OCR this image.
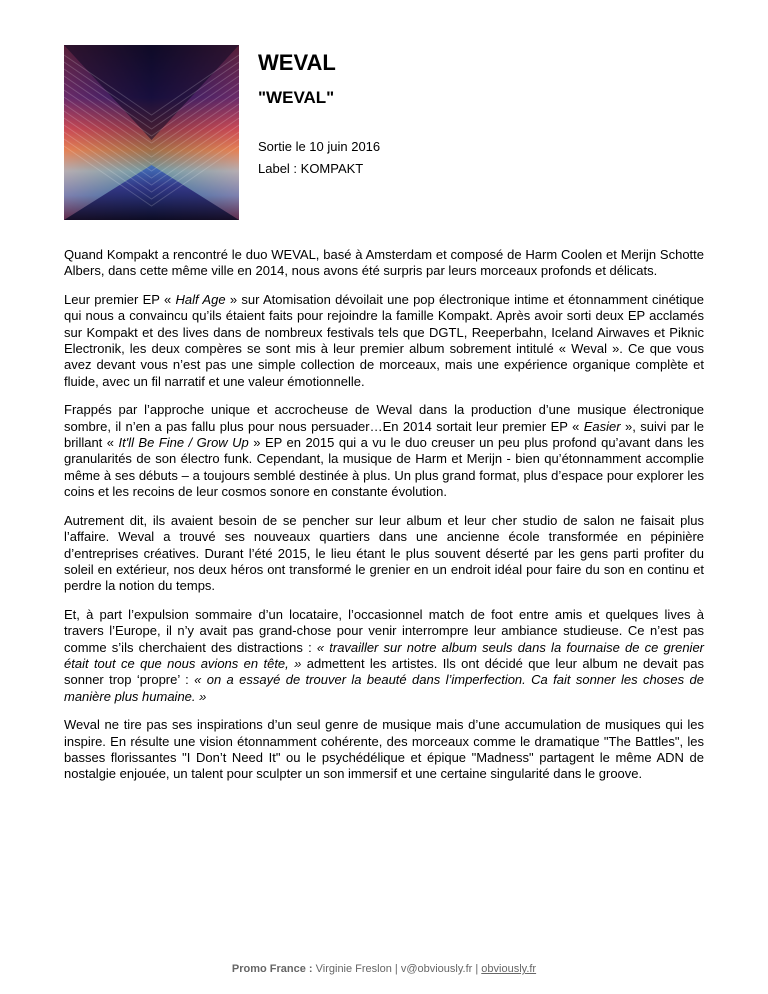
WEVAL
"WEVAL"
Sortie le 10 juin 2016
Label : KOMPAKT

Quand Kompakt a rencontré le duo WEVAL, basé à Amsterdam et composé de Harm Coolen et Merijn Schotte Albers, dans cette même ville en 2014, nous avons été surpris par leurs morceaux profonds et délicats.

Leur premier EP « Half Age » sur Atomisation dévoilait une pop électronique intime et étonnamment cinétique qui nous a convaincu qu’ils étaient faits pour rejoindre la famille Kompakt. Après avoir sorti deux EP acclamés sur Kompakt et des lives dans de nombreux festivals tels que DGTL, Reeperbahn, Iceland Airwaves et Piknic Electronik, les deux compères se sont mis à leur premier album sobrement intitulé « Weval ». Ce que vous avez devant vous n’est pas une simple collection de morceaux, mais une expérience organique complète et fluide, avec un fil narratif et une valeur émotionnelle.

Frappés par l’approche unique et accrocheuse de Weval dans la production d’une musique électronique sombre, il n’en a pas fallu plus pour nous persuader…En 2014 sortait leur premier EP « Easier », suivi par le brillant « It'll Be Fine / Grow Up » EP en 2015 qui a vu le duo creuser un peu plus profond qu’avant dans les granularités de son électro funk. Cependant, la musique de Harm et Merijn - bien qu’étonnamment accomplie même à ses débuts – a toujours semblé destinée à plus. Un plus grand format, plus d’espace pour explorer les coins et les recoins de leur cosmos sonore en constante évolution.

Autrement dit, ils avaient besoin de se pencher sur leur album et leur cher studio de salon ne faisait plus l’affaire. Weval a trouvé ses nouveaux quartiers dans une ancienne école transformée en pépinière d’entreprises créatives. Durant l’été 2015, le lieu étant le plus souvent déserté par les gens parti profiter du soleil en extérieur, nos deux héros ont transformé le grenier en un endroit idéal pour faire du son en continu et perdre la notion du temps.

Et, à part l’expulsion sommaire d’un locataire, l’occasionnel match de foot entre amis et quelques lives à travers l’Europe, il n’y avait pas grand-chose pour venir interrompre leur ambiance studieuse. Ce n’est pas comme s’ils cherchaient des distractions : « travailler sur notre album seuls dans la fournaise de ce grenier était tout ce que nous avions en tête, » admettent les artistes. Ils ont décidé que leur album ne devait pas sonner trop ‘propre’ : « on a essayé de trouver la beauté dans l’imperfection. Ca fait sonner les choses de manière plus humaine. »

Weval ne tire pas ses inspirations d’un seul genre de musique mais d’une accumulation de musiques qui les inspire. En résulte une vision étonnamment cohérente, des morceaux comme le dramatique "The Battles", les basses florissantes "I Don’t Need It" ou le psychédélique et épique "Madness" partagent le même ADN de nostalgie enjouée, un talent pour sculpter un son immersif et une certaine singularité dans le groove.

Promo France : Virginie Freslon | v@obviously.fr | obviously.fr
